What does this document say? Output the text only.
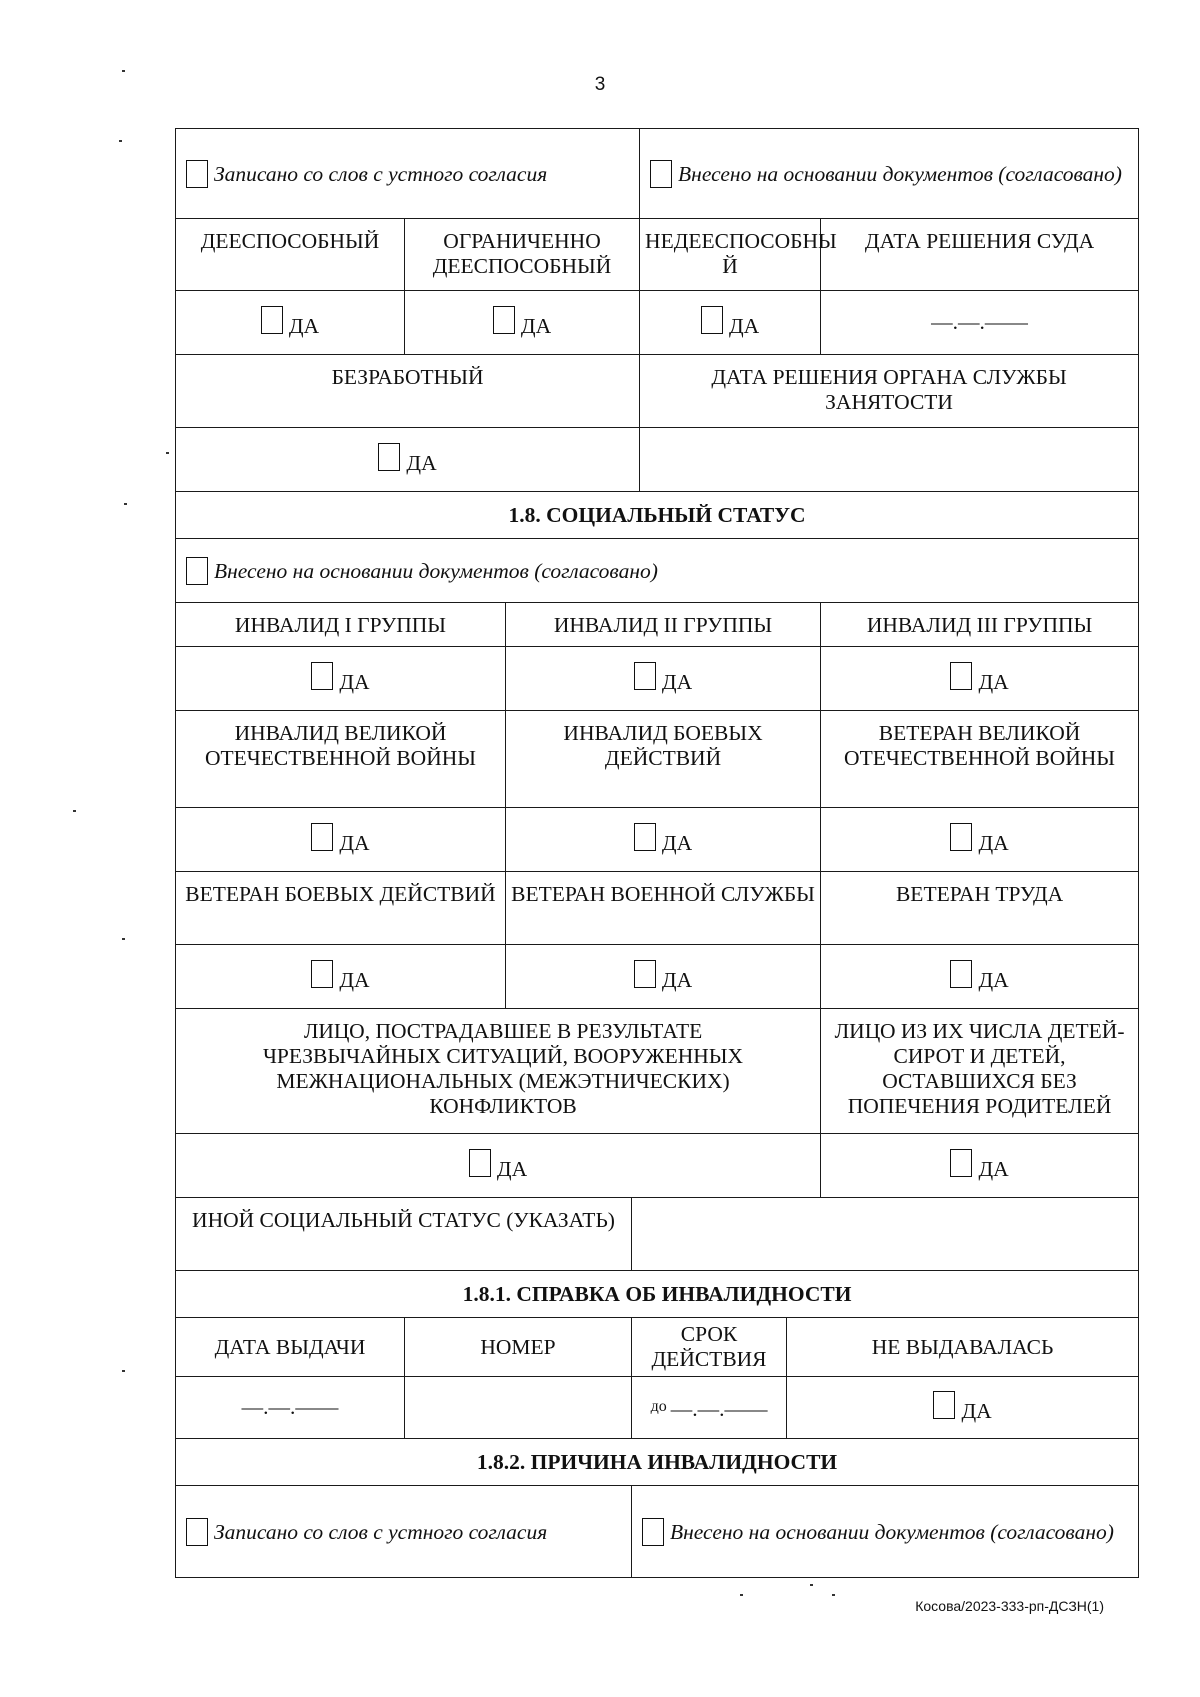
3
Записано со слов с устного согласия				Внесено на основании документов (согласовано)		
ДЕЕСПОСОБНЫЙ	ОГРАНИЧЕННО ДЕЕСПОСОБНЫЙ			НЕДЕЕСПОСОБНЫ Й		ДАТА РЕШЕНИЯ СУДА
ДА	ДА			ДА		—.—.——
БЕЗРАБОТНЫЙ				ДАТА РЕШЕНИЯ ОРГАНА СЛУЖБЫ ЗАНЯТОСТИ		
ДА						
1.8. СОЦИАЛЬНЫЙ СТАТУС						
Внесено на основании документов (согласовано)						
ИНВАЛИД I ГРУППЫ		ИНВАЛИД II ГРУППЫ				ИНВАЛИД III ГРУППЫ
ДА		ДА				ДА
ИНВАЛИД ВЕЛИКОЙ ОТЕЧЕСТВЕННОЙ ВОЙНЫ		ИНВАЛИД БОЕВЫХ ДЕЙСТВИЙ				ВЕТЕРАН ВЕЛИКОЙ ОТЕЧЕСТВЕННОЙ ВОЙНЫ
ДА		ДА				ДА
ВЕТЕРАН БОЕВЫХ ДЕЙСТВИЙ		ВЕТЕРАН ВОЕННОЙ СЛУЖБЫ				ВЕТЕРАН ТРУДА
ДА		ДА				ДА
ЛИЦО, ПОСТРАДАВШЕЕ В РЕЗУЛЬТАТЕ ЧРЕЗВЫЧАЙНЫХ СИТУАЦИЙ, ВООРУЖЕННЫХ МЕЖНАЦИОНАЛЬНЫХ (МЕЖЭТНИЧЕСКИХ) КОНФЛИКТОВ						ЛИЦО ИЗ ИХ ЧИСЛА ДЕТЕЙ-СИРОТ И ДЕТЕЙ, ОСТАВШИХСЯ БЕЗ ПОПЕЧЕНИЯ РОДИТЕЛЕЙ
ДА						ДА
ИНОЙ СОЦИАЛЬНЫЙ СТАТУС (УКАЗАТЬ)						
1.8.1. СПРАВКА ОБ ИНВАЛИДНОСТИ						
ДАТА ВЫДАЧИ	НОМЕР		СРОК ДЕЙСТВИЯ		НЕ ВЫДАВАЛАСЬ	
—.—.——			$^{до}$ —.—.——		ДА	
1.8.2. ПРИЧИНА ИНВАЛИДНОСТИ						
Записано со слов с устного согласия			Внесено на основании документов (согласовано)			
Косова/2023-333-рп-ДСЗН(1)
